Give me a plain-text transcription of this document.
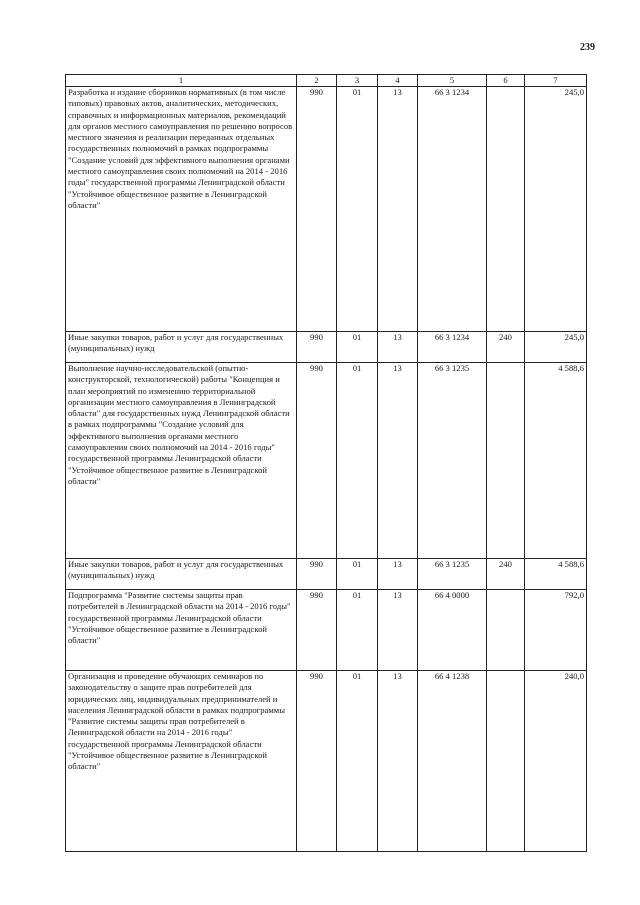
239
1	2	3	4	5	6	7
Разработка и издание сборников нормативных (в том числе типовых) правовых актов, аналитических, методических, справочных и информационных материалов, рекомендаций для органов местного самоуправления по решению вопросов местного значения и реализации переданных отдельных государственных полномочий в рамках подпрограммы "Создание условий для эффективного выполнения органами местного самоуправления своих полномочий на 2014 - 2016 годы" государственной программы Ленинградской области "Устойчивое общественное развитие в Ленинградской области"	990	01	13	66 3 1234		245,0
Иные закупки товаров, работ и услуг для государственных (муниципальных) нужд	990	01	13	66 3 1234	240	245,0
Выполнение научно-исследовательской (опытно-конструкторской, технологической) работы "Концепция и план мероприятий по изменению территориальной организации местного самоуправления в Ленинградской области" для государственных нужд Ленинградской области в рамках подпрограммы "Создание условий для эффективного выполнения органами местного самоуправления своих полномочий на 2014 - 2016 годы" государственной программы Ленинградской области "Устойчивое общественное развитие в Ленинградской области"	990	01	13	66 3 1235		4 588,6
Иные закупки товаров, работ и услуг для государственных (муниципальных) нужд	990	01	13	66 3 1235	240	4 588,6
Подпрограмма "Развитие системы защиты прав потребителей в Ленинградской области на 2014 - 2016 годы" государственной программы Ленинградской области "Устойчивое общественное развитие в Ленинградской области"	990	01	13	66 4 0000		792,0
Организация и проведение обучающих семинаров по законодательству о защите прав потребителей для юридических лиц, индивидуальных предпринимателей и населения Ленинградской области в рамках подпрограммы "Развитие системы защиты прав потребителей в Ленинградской области на 2014 - 2016 годы" государственной программы Ленинградской области "Устойчивое общественное развитие в Ленинградской области"	990	01	13	66 4 1238		240,0
